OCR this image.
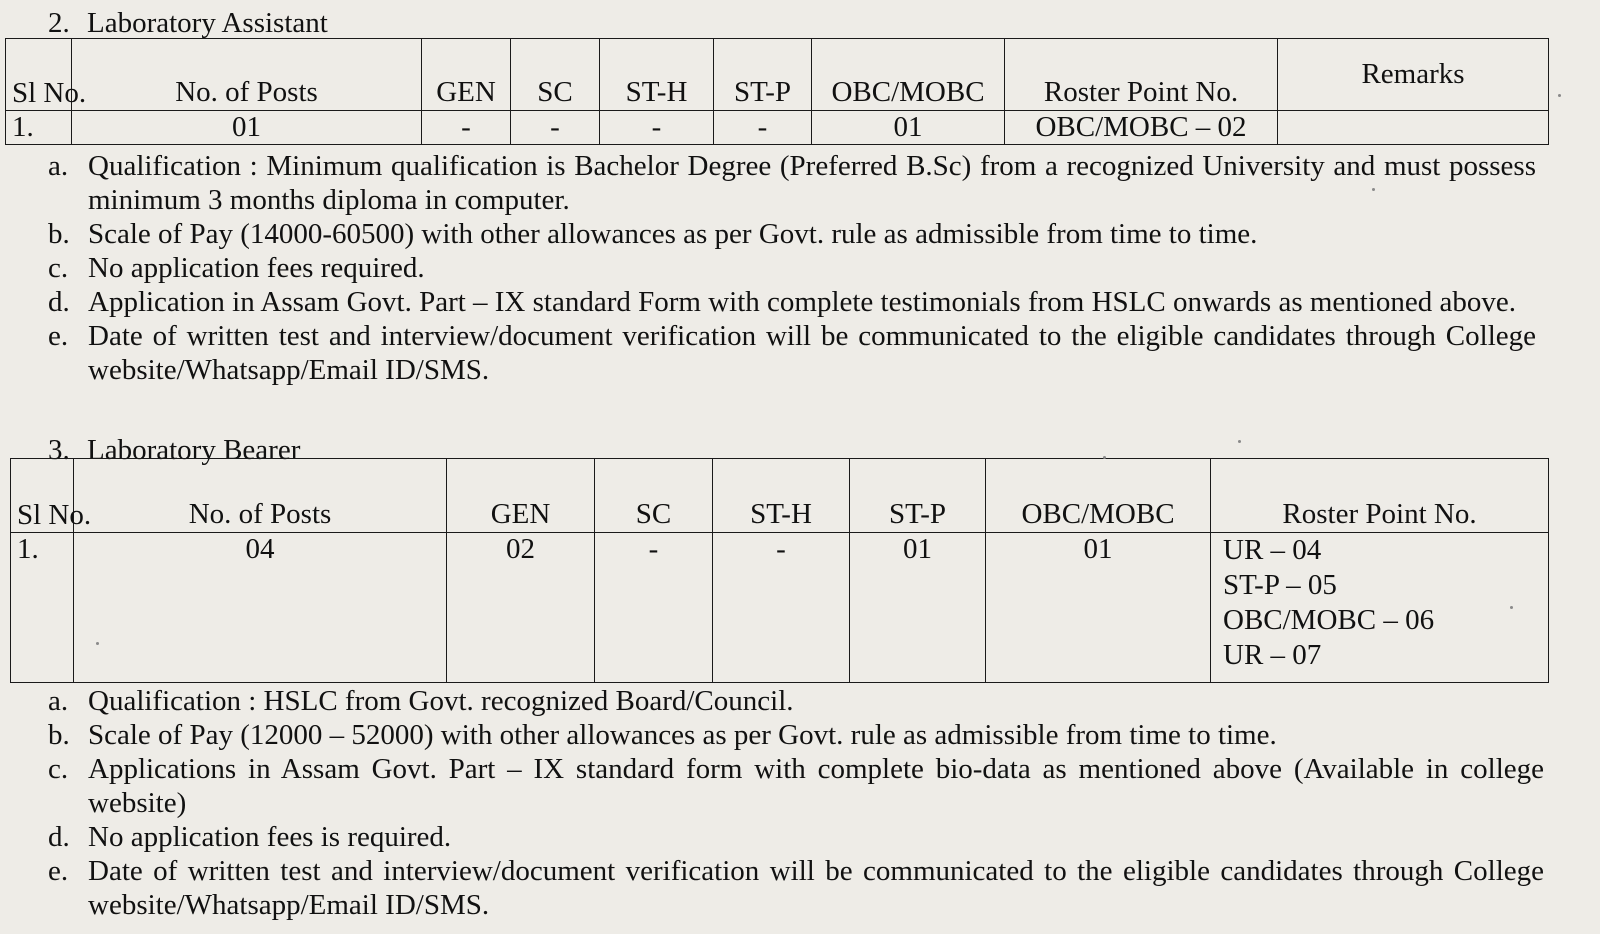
2. Laboratory Assistant
Sl No.	No. of Posts	GEN	SC	ST-H	ST-P	OBC/MOBC	Roster Point No.	Remarks
1.	01	-	-	-	-	01	OBC/MOBC – 02	
a. Qualification : Minimum qualification is Bachelor Degree (Preferred B.Sc) from a recognized University and must possess minimum 3 months diploma in computer.
b. Scale of Pay (14000-60500) with other allowances as per Govt. rule as admissible from time to time.
c. No application fees required.
d. Application in Assam Govt. Part – IX standard Form with complete testimonials from HSLC onwards as mentioned above.
e. Date of written test and interview/document verification will be communicated to the eligible candidates through College website/Whatsapp/Email ID/SMS.
3. Laboratory Bearer
Sl No.	No. of Posts	GEN	SC	ST-H	ST-P	OBC/MOBC	Roster Point No.
1.	04	02	-	-	01	01	UR – 04
ST-P – 05
OBC/MOBC – 06
UR – 07
a. Qualification : HSLC from Govt. recognized Board/Council.
b. Scale of Pay (12000 – 52000) with other allowances as per Govt. rule as admissible from time to time.
c. Applications in Assam Govt. Part – IX standard form with complete bio-data as mentioned above (Available in college website)
d. No application fees is required.
e. Date of written test and interview/document verification will be communicated to the eligible candidates through College website/Whatsapp/Email ID/SMS.
